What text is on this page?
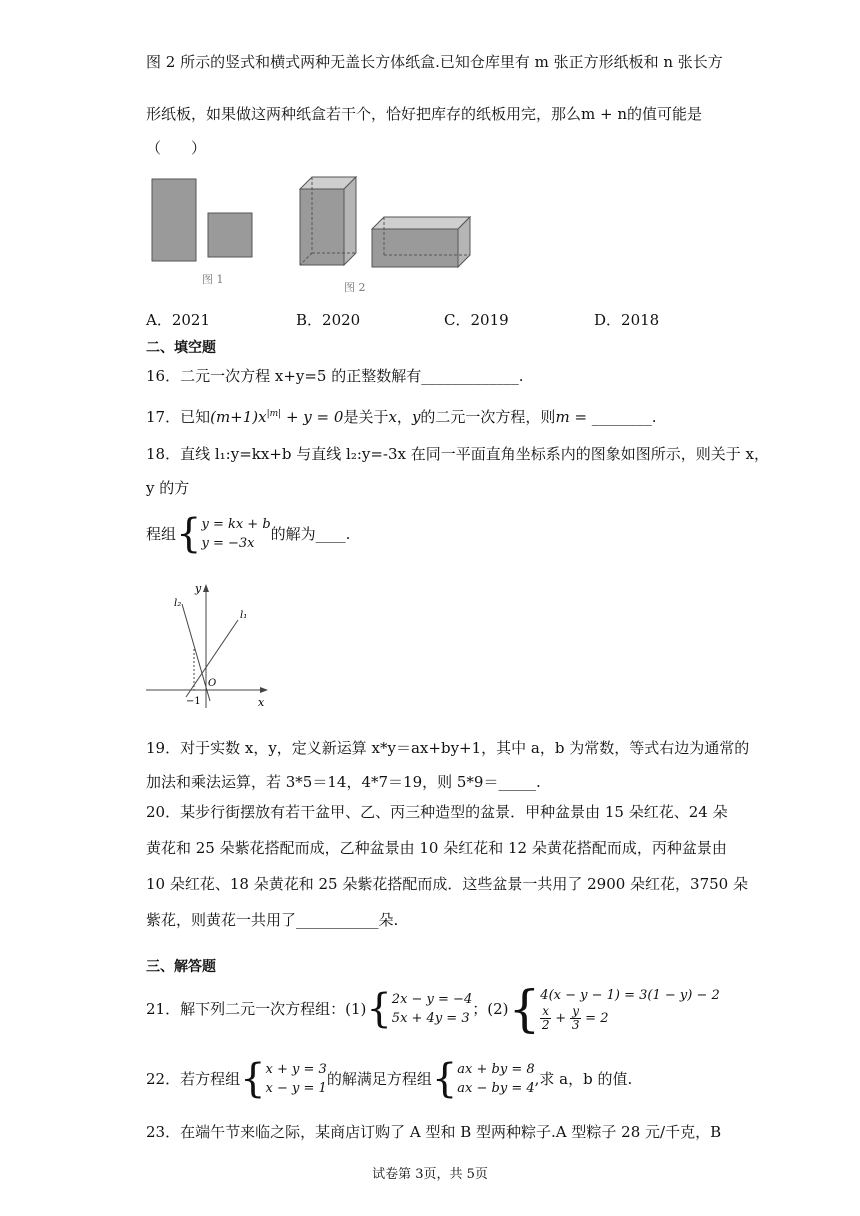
图 2 所示的竖式和横式两种无盖长方体纸盒.已知仓库里有 m 张正方形纸板和 n 张长方
形纸板，如果做这两种纸盒若干个，恰好把库存的纸板用完，那么m + n的值可能是
（　　）
图 1
图 2
A．2021	B．2020	C．2019	D．2018
二、填空题
16．二元一次方程 x+y=5 的正整数解有_____________.
17．已知$(m+1)x^{|m|} + y = 0$是关于x，y的二元一次方程，则m = ________.
18．直线 l₁:y=kx+b 与直线 l₂:y=-3x 在同一平面直角坐标系内的图象如图所示，则关于 x，
y 的方
程组{ y = kx + b
y = −3x
的解为____.
y
x
O
−1
l₂
l₁
19．对于实数 x，y，定义新运算 x*y＝ax+by+1，其中 a，b 为常数，等式右边为通常的
加法和乘法运算，若 3*5＝14，4*7＝19，则 5*9＝_____.
20．某步行街摆放有若干盆甲、乙、丙三种造型的盆景．甲种盆景由 15 朵红花、24 朵
黄花和 25 朵紫花搭配而成，乙种盆景由 10 朵红花和 12 朵黄花搭配而成，丙种盆景由
10 朵红花、18 朵黄花和 25 朵紫花搭配而成．这些盆景一共用了 2900 朵红花，3750 朵
紫花，则黄花一共用了___________朵.
三、解答题
21．解下列二元一次方程组：(1){ 2x − y = −4
5x + 4y = 3
；(2){ 4(x − y − 1) = 3(1 − y) − 2
$\frac{x}{2} + \frac{y}{3} = 2$
22．若方程组{ x + y = 3
x − y = 1
的解满足方程组{ ax + by = 8
ax − by = 4
,求 a，b 的值.
23．在端午节来临之际，某商店订购了 A 型和 B 型两种粽子.A 型粽子 28 元/千克，B
试卷第 3页，共 5页
